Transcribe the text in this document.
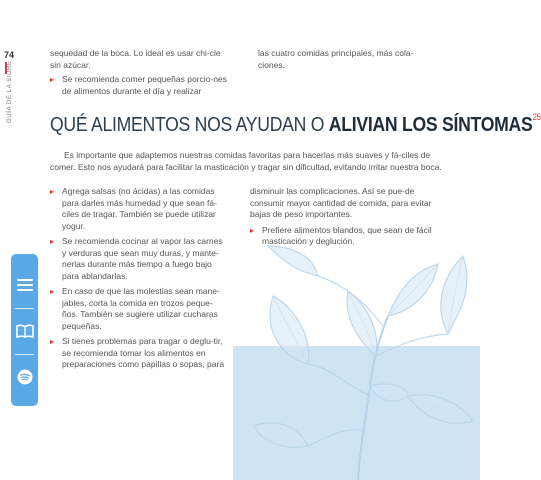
74
GUÍA DE LA SIDRE

sequedad de la boca. Lo ideal es usar chi-cle sin azúcar.

▸ Se recomienda comer pequeñas porcio-nes de alimentos durante el día y realizar

las cuatro comidas principales, más cola-ciones.

QUÉ ALIMENTOS NOS AYUDAN O ALIVIAN LOS SÍNTOMAS$^{25}$

Es importante que adaptemos nuestras comidas favoritas para hacerlas más suaves y fá-ciles de comer. Esto nos ayudará para facilitar la masticación y tragar sin dificultad, evitando irritar nuestra boca.

▸ Agrega salsas (no ácidas) a las comidas para darles más humedad y que sean fá-ciles de tragar. También se puede utilizar yogur.

▸ Se recomienda cocinar al vapor las carnes y verduras que sean muy duras, y mante-nerlas durante más tiempo a fuego bajo para ablandarlas.

▸ En caso de que las molestias sean mane-jables, corta la comida en trozos peque-ños. También se sugiere utilizar cucharas pequeñas.

▸ Si tienes problemas para tragar o deglu-tir, se recomienda tomar los alimentos en preparaciones como papillas o sopas, para

disminuir las complicaciones. Así se pue-de consumir mayor cantidad de comida, para evitar bajas de peso importantes.

▸ Prefiere alimentos blandos, que sean de fácil masticación y deglución.
